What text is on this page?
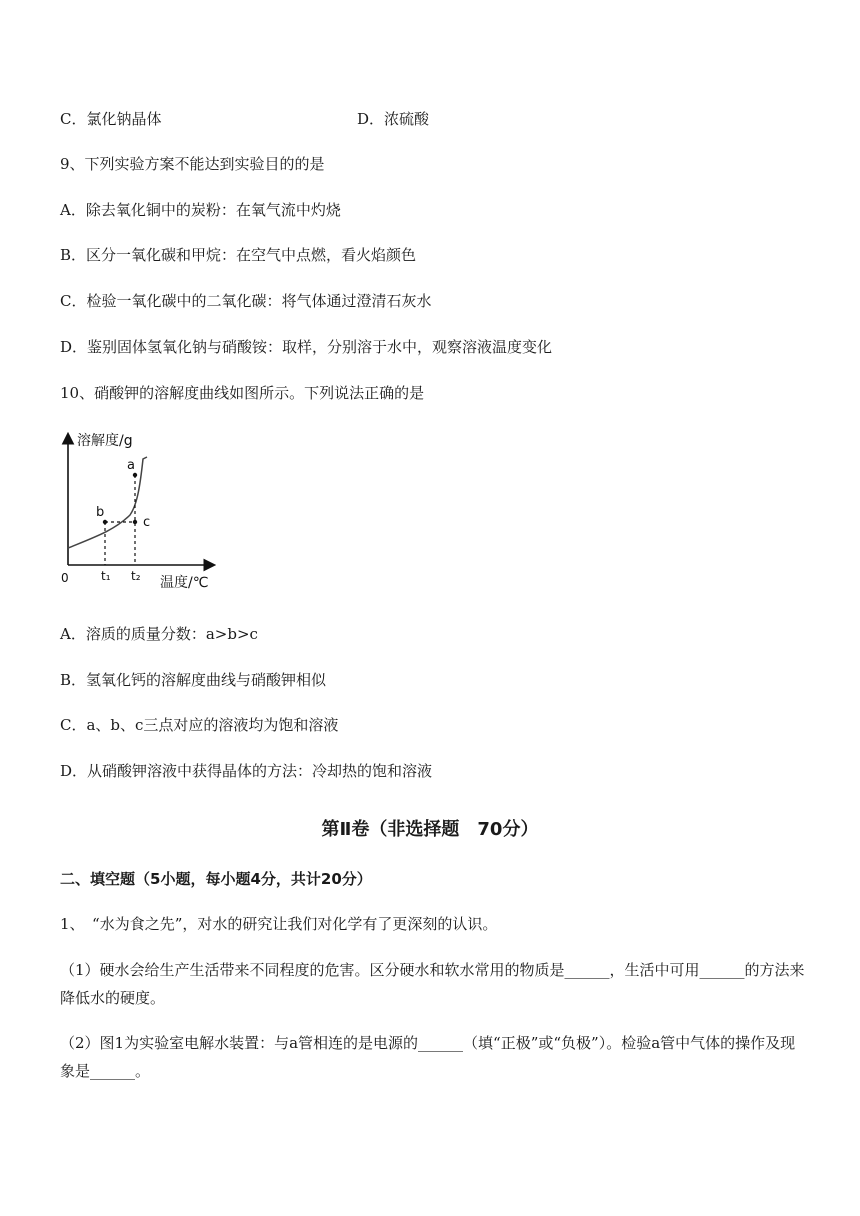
C．氯化钠晶体	D．浓硫酸
9、下列实验方案不能达到实验目的的是
A．除去氧化铜中的炭粉：在氧气流中灼烧
B．区分一氧化碳和甲烷：在空气中点燃，看火焰颜色
C．检验一氧化碳中的二氧化碳：将气体通过澄清石灰水
D．鉴别固体氢氧化钠与硝酸铵：取样，分别溶于水中，观察溶液温度变化
10、硝酸钾的溶解度曲线如图所示。下列说法正确的是
溶解度/g
温度/℃
0	t₁ t₂
a
b
c
A．溶质的质量分数：a>b>c
B．氢氧化钙的溶解度曲线与硝酸钾相似
C．a、b、c三点对应的溶液均为饱和溶液
D．从硝酸钾溶液中获得晶体的方法：冷却热的饱和溶液
第Ⅱ卷（非选择题　70分）
二、填空题（5小题，每小题4分，共计20分）
1、　“水为食之先”，对水的研究让我们对化学有了更深刻的认识。
（1）硬水会给生产生活带来不同程度的危害。区分硬水和软水常用的物质是______，生活中可用______的方法来降低水的硬度。
（2）图1为实验室电解水装置：与a管相连的是电源的______（填“正极”或“负极”）。检验a管中气体的操作及现象是______。
